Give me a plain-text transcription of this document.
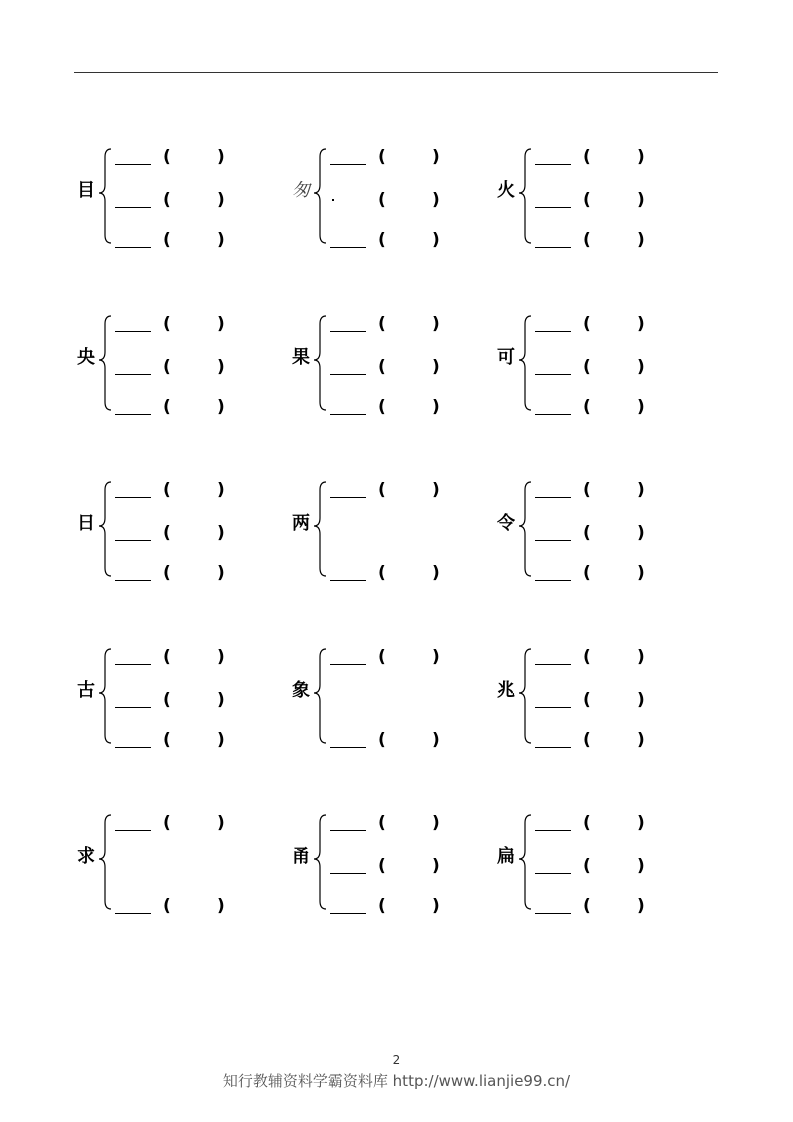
目
(	)
(	)
(	)
匆
(	)
(	)
(	)
火
(	)
(	)
(	)
央
(	)
(	)
(	)
果
(	)
(	)
(	)
可
(	)
(	)
(	)
日
(	)
(	)
(	)
两
(	)
(	)
令
(	)
(	)
(	)
古
(	)
(	)
(	)
象
(	)
(	)
兆
(	)
(	)
(	)
求
(	)
(	)
甬
(	)
(	)
(	)
扁
(	)
(	)
(	)
2
知行教辅资料学霸资料库 http://www.lianjie99.cn/
